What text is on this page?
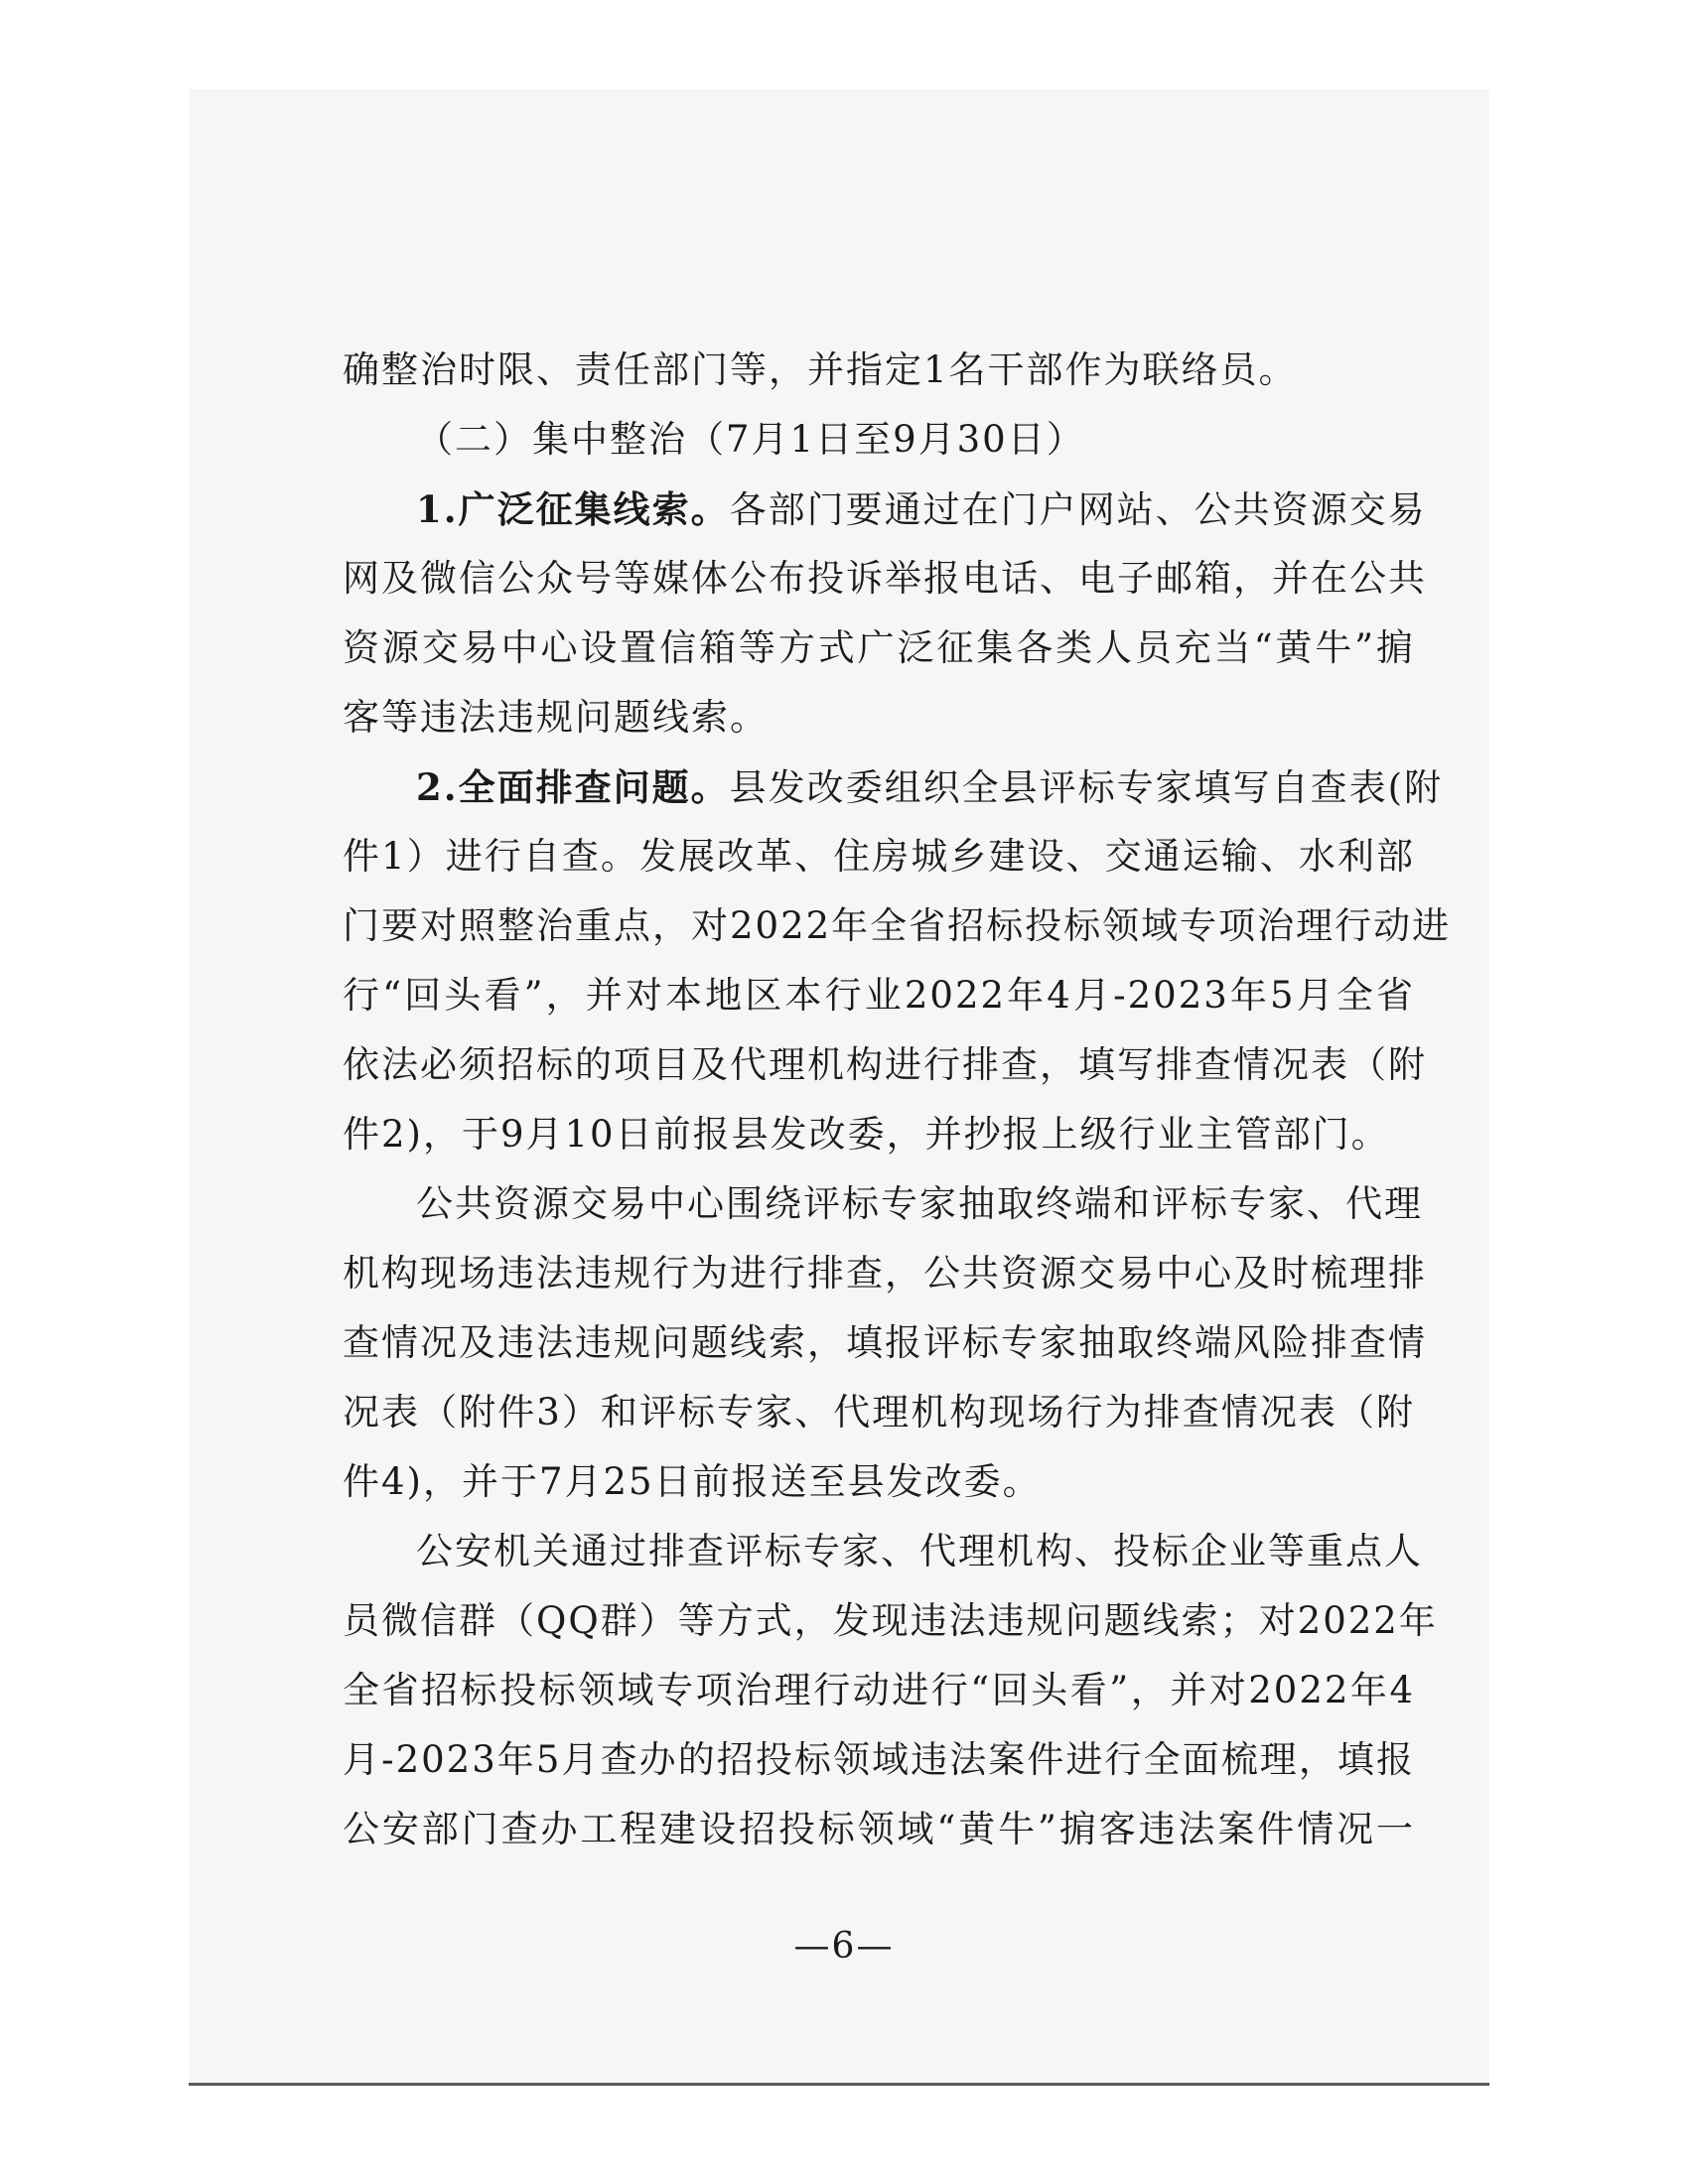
确整治时限、责任部门等，并指定1名干部作为联络员。
（二）集中整治（7月1日至9月30日）
1.广泛征集线索。各部门要通过在门户网站、公共资源交易
网及微信公众号等媒体公布投诉举报电话、电子邮箱，并在公共
资源交易中心设置信箱等方式广泛征集各类人员充当“黄牛”掮
客等违法违规问题线索。
2.全面排查问题。县发改委组织全县评标专家填写自查表(附
件1）进行自查。发展改革、住房城乡建设、交通运输、水利部
门要对照整治重点，对2022年全省招标投标领域专项治理行动进
行“回头看”，并对本地区本行业2022年4月-2023年5月全省
依法必须招标的项目及代理机构进行排查，填写排查情况表（附
件2)，于9月10日前报县发改委，并抄报上级行业主管部门。
公共资源交易中心围绕评标专家抽取终端和评标专家、代理
机构现场违法违规行为进行排查，公共资源交易中心及时梳理排
查情况及违法违规问题线索，填报评标专家抽取终端风险排查情
况表（附件3）和评标专家、代理机构现场行为排查情况表（附
件4)，并于7月25日前报送至县发改委。
公安机关通过排查评标专家、代理机构、投标企业等重点人
员微信群（QQ群）等方式，发现违法违规问题线索；对2022年
全省招标投标领域专项治理行动进行“回头看”，并对2022年4
月-2023年5月查办的招投标领域违法案件进行全面梳理，填报
公安部门查办工程建设招投标领域“黄牛”掮客违法案件情况一
—6—
